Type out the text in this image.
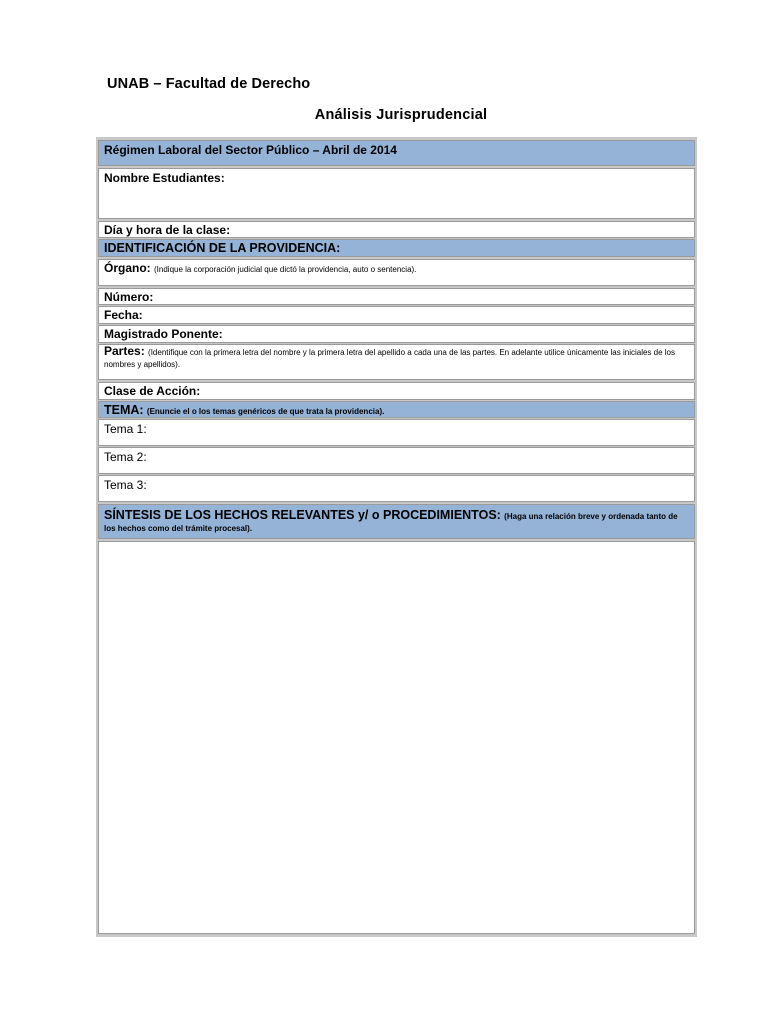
UNAB – Facultad de Derecho
Análisis Jurisprudencial
Régimen Laboral del Sector Público – Abril de 2014
Nombre Estudiantes:
Día y hora de la clase:
IDENTIFICACIÓN DE LA PROVIDENCIA:
Órgano: (Indique la corporación judicial que dictó la providencia, auto o sentencia).
Número:
Fecha:
Magistrado Ponente:
Partes: (Identifique con la primera letra del nombre y la primera letra del apellido a cada una de las partes. En adelante utilice únicamente las iniciales de los nombres y apellidos).
Clase de Acción:
TEMA: (Enuncie el o los temas genéricos de que trata la providencia).
Tema 1:
Tema 2:
Tema 3:
SÍNTESIS DE LOS HECHOS RELEVANTES y/ o PROCEDIMIENTOS: (Haga una relación breve y ordenada tanto de los hechos como del trámite procesal).
